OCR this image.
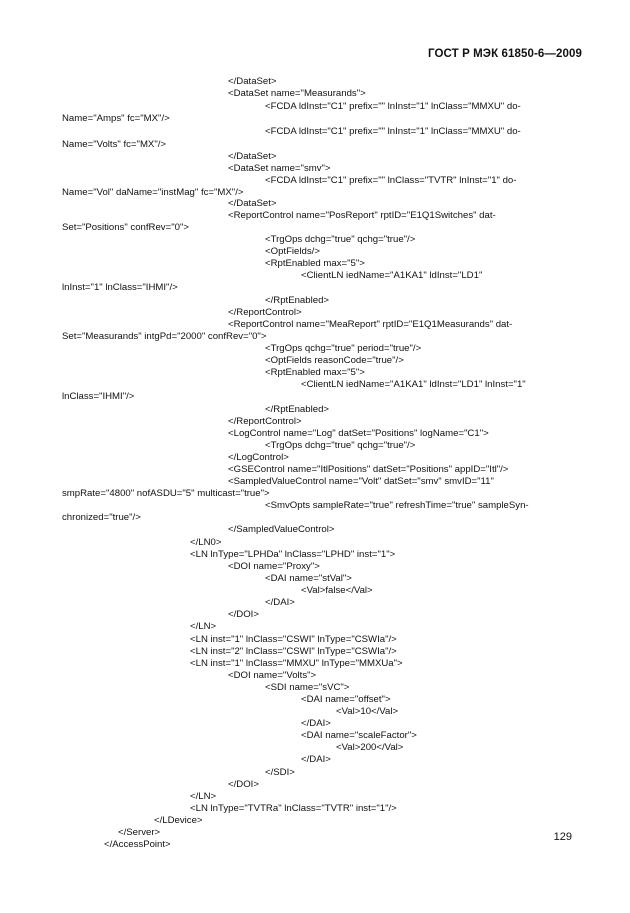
ГОСТ Р МЭК 61850-6—2009
</DataSet>
<DataSet name="Measurands">
<FCDA ldInst="C1" prefix="" lnInst="1" lnClass="MMXU" do-
Name="Amps" fc="MX"/>
<FCDA ldInst="C1" prefix="" lnInst="1" lnClass="MMXU" do-
Name="Volts" fc="MX"/>
</DataSet>
<DataSet name="smv">
<FCDA ldInst="C1" prefix="" lnClass="TVTR" lnInst="1" do-
Name="Vol" daName="instMag" fc="MX"/>
</DataSet>
<ReportControl name="PosReport" rptID="E1Q1Switches" dat-
Set="Positions" confRev="0">
<TrgOps dchg="true" qchg="true"/>
<OptFields/>
<RptEnabled max="5">
<ClientLN iedName="A1KA1" ldInst="LD1"
lnInst="1" lnClass="IHMI"/>
</RptEnabled>
</ReportControl>
<ReportControl name="MeaReport" rptID="E1Q1Measurands" dat-
Set="Measurands" intgPd="2000" confRev="0">
<TrgOps qchg="true" period="true"/>
<OptFields reasonCode="true"/>
<RptEnabled max="5">
<ClientLN iedName="A1KA1" ldInst="LD1" lnInst="1"
lnClass="IHMI"/>
</RptEnabled>
</ReportControl>
<LogControl name="Log" datSet="Positions" logName="C1">
<TrgOps dchg="true" qchg="true"/>
</LogControl>
<GSEControl name="ItlPositions" datSet="Positions" appID="Itl"/>
<SampledValueControl name="Volt" datSet="smv" smvID="11"
smpRate="4800" nofASDU="5" multicast="true">
<SmvOpts sampleRate="true" refreshTime="true" sampleSyn-
chronized="true"/>
</SampledValueControl>
</LN0>
<LN lnType="LPHDa" lnClass="LPHD" inst="1">
<DOI name="Proxy">
<DAI name="stVal">
<Val>false</Val>
</DAI>
</DOI>
</LN>
<LN inst="1" lnClass="CSWI" lnType="CSWIa"/>
<LN inst="2" lnClass="CSWI" lnType="CSWIa"/>
<LN inst="1" lnClass="MMXU" lnType="MMXUa">
<DOI name="Volts">
<SDI name="sVC">
<DAI name="offset">
<Val>10</Val>
</DAI>
<DAI name="scaleFactor">
<Val>200</Val>
</DAI>
</SDI>
</DOI>
</LN>
<LN lnType="TVTRa" lnClass="TVTR" inst="1"/>
</LDevice>
</Server>
</AccessPoint>
129
